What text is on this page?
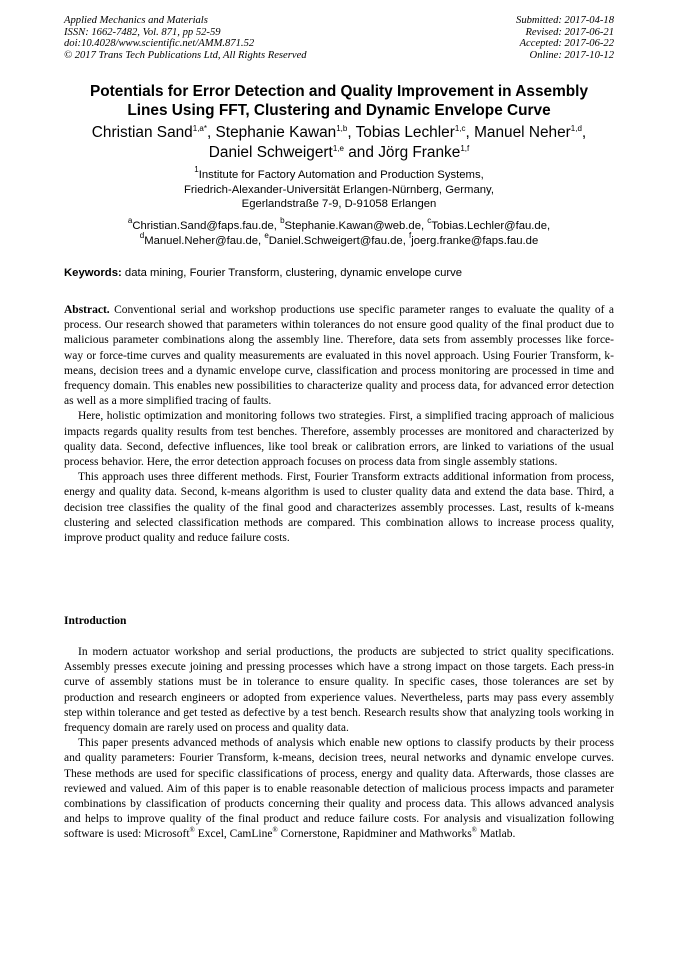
Applied Mechanics and Materials
ISSN: 1662-7482, Vol. 871, pp 52-59
doi:10.4028/www.scientific.net/AMM.871.52
© 2017 Trans Tech Publications Ltd, All Rights Reserved
Submitted: 2017-04-18
Revised: 2017-06-21
Accepted: 2017-06-22
Online: 2017-10-12
Potentials for Error Detection and Quality Improvement in Assembly
Lines Using FFT, Clustering and Dynamic Envelope Curve
Christian Sand$^{1,a*}$, Stephanie Kawan$^{1,b}$, Tobias Lechler$^{1,c}$, Manuel Neher$^{1,d}$,
Daniel Schweigert$^{1,e}$ and Jörg Franke$^{1,f}$
$^1$Institute for Factory Automation and Production Systems,
Friedrich-Alexander-Universität Erlangen-Nürnberg, Germany,
Egerlandstraße 7-9, D-91058 Erlangen
$^a$Christian.Sand@faps.fau.de, $^b$Stephanie.Kawan@web.de, $^c$Tobias.Lechler@fau.de,
$^d$Manuel.Neher@fau.de, $^e$Daniel.Schweigert@fau.de, $^f$joerg.franke@faps.fau.de
Keywords: data mining, Fourier Transform, clustering, dynamic envelope curve

Abstract. Conventional serial and workshop productions use specific parameter ranges to evaluate the quality of a process. Our research showed that parameters within tolerances do not ensure good quality of the final product due to malicious parameter combinations along the assembly line. Therefore, data sets from assembly processes like force-way or force-time curves and quality measurements are evaluated in this novel approach. Using Fourier Transform, k-means, decision trees and a dynamic envelope curve, classification and process monitoring are processed in time and frequency domain. This enables new possibilities to characterize quality and process data, for advanced error detection as well as a more simplified tracing of faults.

Here, holistic optimization and monitoring follows two strategies. First, a simplified tracing approach of malicious impacts regards quality results from test benches. Therefore, assembly processes are monitored and characterized by quality data. Second, defective influences, like tool break or calibration errors, are linked to variations of the usual process behavior. Here, the error detection approach focuses on process data from single assembly stations.

This approach uses three different methods. First, Fourier Transform extracts additional information from process, energy and quality data. Second, k-means algorithm is used to cluster quality data and extend the data base. Third, a decision tree classifies the quality of the final good and characterizes assembly processes. Last, results of k-means clustering and selected classification methods are compared. This combination allows to increase process quality, improve product quality and reduce failure costs.

Introduction

In modern actuator workshop and serial productions, the products are subjected to strict quality specifications. Assembly presses execute joining and pressing processes which have a strong impact on those targets. Each press-in curve of assembly stations must be in tolerance to ensure quality. In specific cases, those tolerances are set by production and research engineers or adopted from experience values. Nevertheless, parts may pass every assembly step within tolerance and get tested as defective by a test bench. Research results show that analyzing tools working in frequency domain are rarely used on process and quality data.

This paper presents advanced methods of analysis which enable new options to classify products by their process and quality parameters: Fourier Transform, k-means, decision trees, neural networks and dynamic envelope curves. These methods are used for specific classifications of process, energy and quality data. Afterwards, those classes are reviewed and valued. Aim of this paper is to enable reasonable detection of malicious process impacts and parameter combinations by classification of products concerning their quality and process data. This allows advanced analysis and helps to improve quality of the final product and reduce failure costs. For analysis and visualization following software is used: Microsoft® Excel, CamLine® Cornerstone, Rapidminer and Mathworks® Matlab.
